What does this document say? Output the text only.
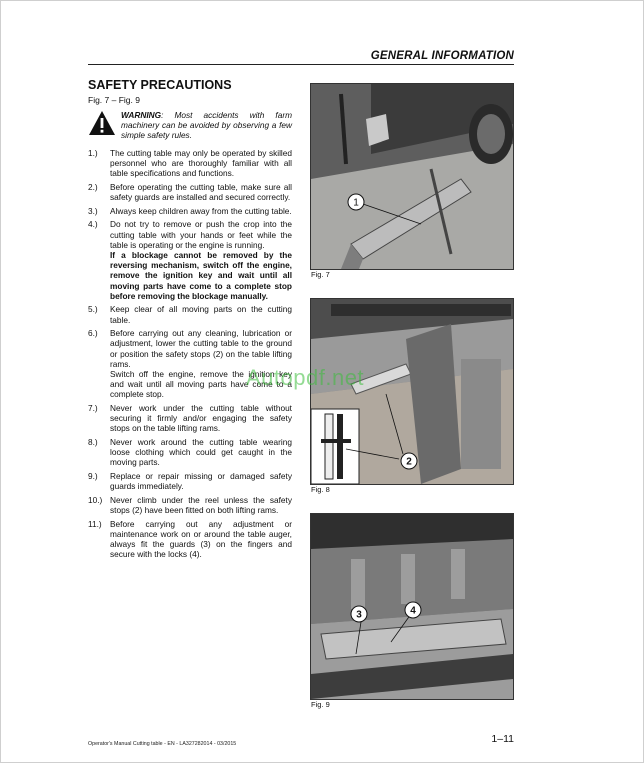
GENERAL INFORMATION
SAFETY PRECAUTIONS
Fig. 7 – Fig. 9
WARNING: Most accidents with farm machinery can be avoided by observing a few simple safety rules.
1.)	The cutting table may only be operated by skilled personnel who are thoroughly familiar with all table specifications and functions.
2.)	Before operating the cutting table, make sure all safety guards are installed and secured correctly.
3.)	Always keep children away from the cutting table.
4.)	Do not try to remove or push the crop into the cutting table with your hands or feet while the table is operating or the engine is running.
If a blockage cannot be removed by the reversing mechanism, switch off the engine, remove the ignition key and wait until all moving parts have come to a complete stop before removing the blockage manually.
5.)	Keep clear of all moving parts on the cutting table.
6.)	Before carrying out any cleaning, lubrication or adjustment, lower the cutting table to the ground or position the safety stops (2) on the table lifting rams.
Switch off the engine, remove the ignition key and wait until all moving parts have come to a complete stop.
7.)	Never work under the cutting table without securing it firmly and/or engaging the safety stops on the table lifting rams.
8.)	Never work around the cutting table wearing loose clothing which could get caught in the moving parts.
9.)	Replace or repair missing or damaged safety guards immediately.
10.) Never climb under the reel unless the safety stops (2) have been fitted on both lifting rams.
11.)	Before carrying out any adjustment or maintenance work on or around the table auger, always fit the guards (3) on the fingers and secure with the locks (4).
1
Fig. 7
2
Fig. 8
3	4
Fig. 9
Autopdf.net
Operator's Manual Cutting table - EN - LA327282014 - 03/2015	1–11
